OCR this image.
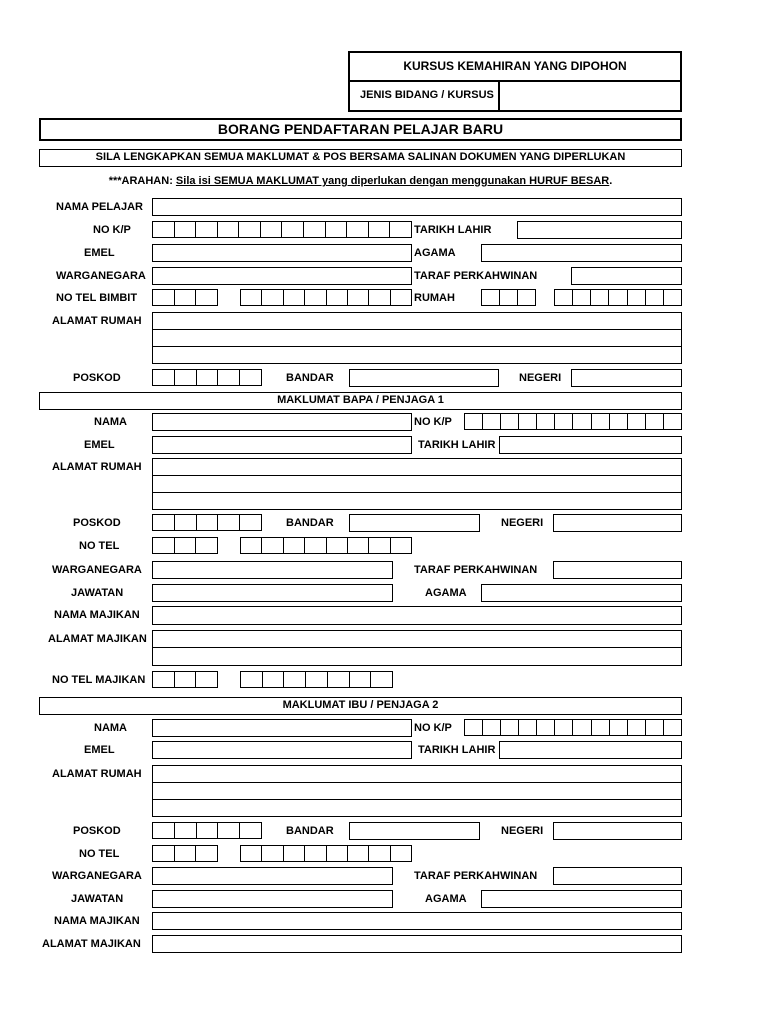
KURSUS KEMAHIRAN YANG DIPOHON
JENIS BIDANG / KURSUS
BORANG PENDAFTARAN PELAJAR BARU
SILA LENGKAPKAN SEMUA MAKLUMAT & POS BERSAMA SALINAN DOKUMEN YANG DIPERLUKAN
***ARAHAN: Sila isi SEMUA MAKLUMAT yang diperlukan dengan menggunakan HURUF BESAR.
NAMA PELAJAR
NO K/P	TARIKH LAHIR
EMEL	AGAMA
WARGANEGARA	TARAF PERKAHWINAN
NO TEL BIMBIT	RUMAH
ALAMAT RUMAH
POSKOD	BANDAR	NEGERI
MAKLUMAT BAPA / PENJAGA 1
NAMA	NO K/P
EMEL	TARIKH LAHIR
ALAMAT RUMAH
POSKOD	BANDAR	NEGERI
NO TEL
WARGANEGARA	TARAF PERKAHWINAN
JAWATAN	AGAMA
NAMA MAJIKAN
ALAMAT MAJIKAN
NO TEL MAJIKAN
MAKLUMAT IBU / PENJAGA 2
NAMA	NO K/P
EMEL	TARIKH LAHIR
ALAMAT RUMAH
POSKOD	BANDAR	NEGERI
NO TEL
WARGANEGARA	TARAF PERKAHWINAN
JAWATAN	AGAMA
NAMA MAJIKAN
ALAMAT MAJIKAN
